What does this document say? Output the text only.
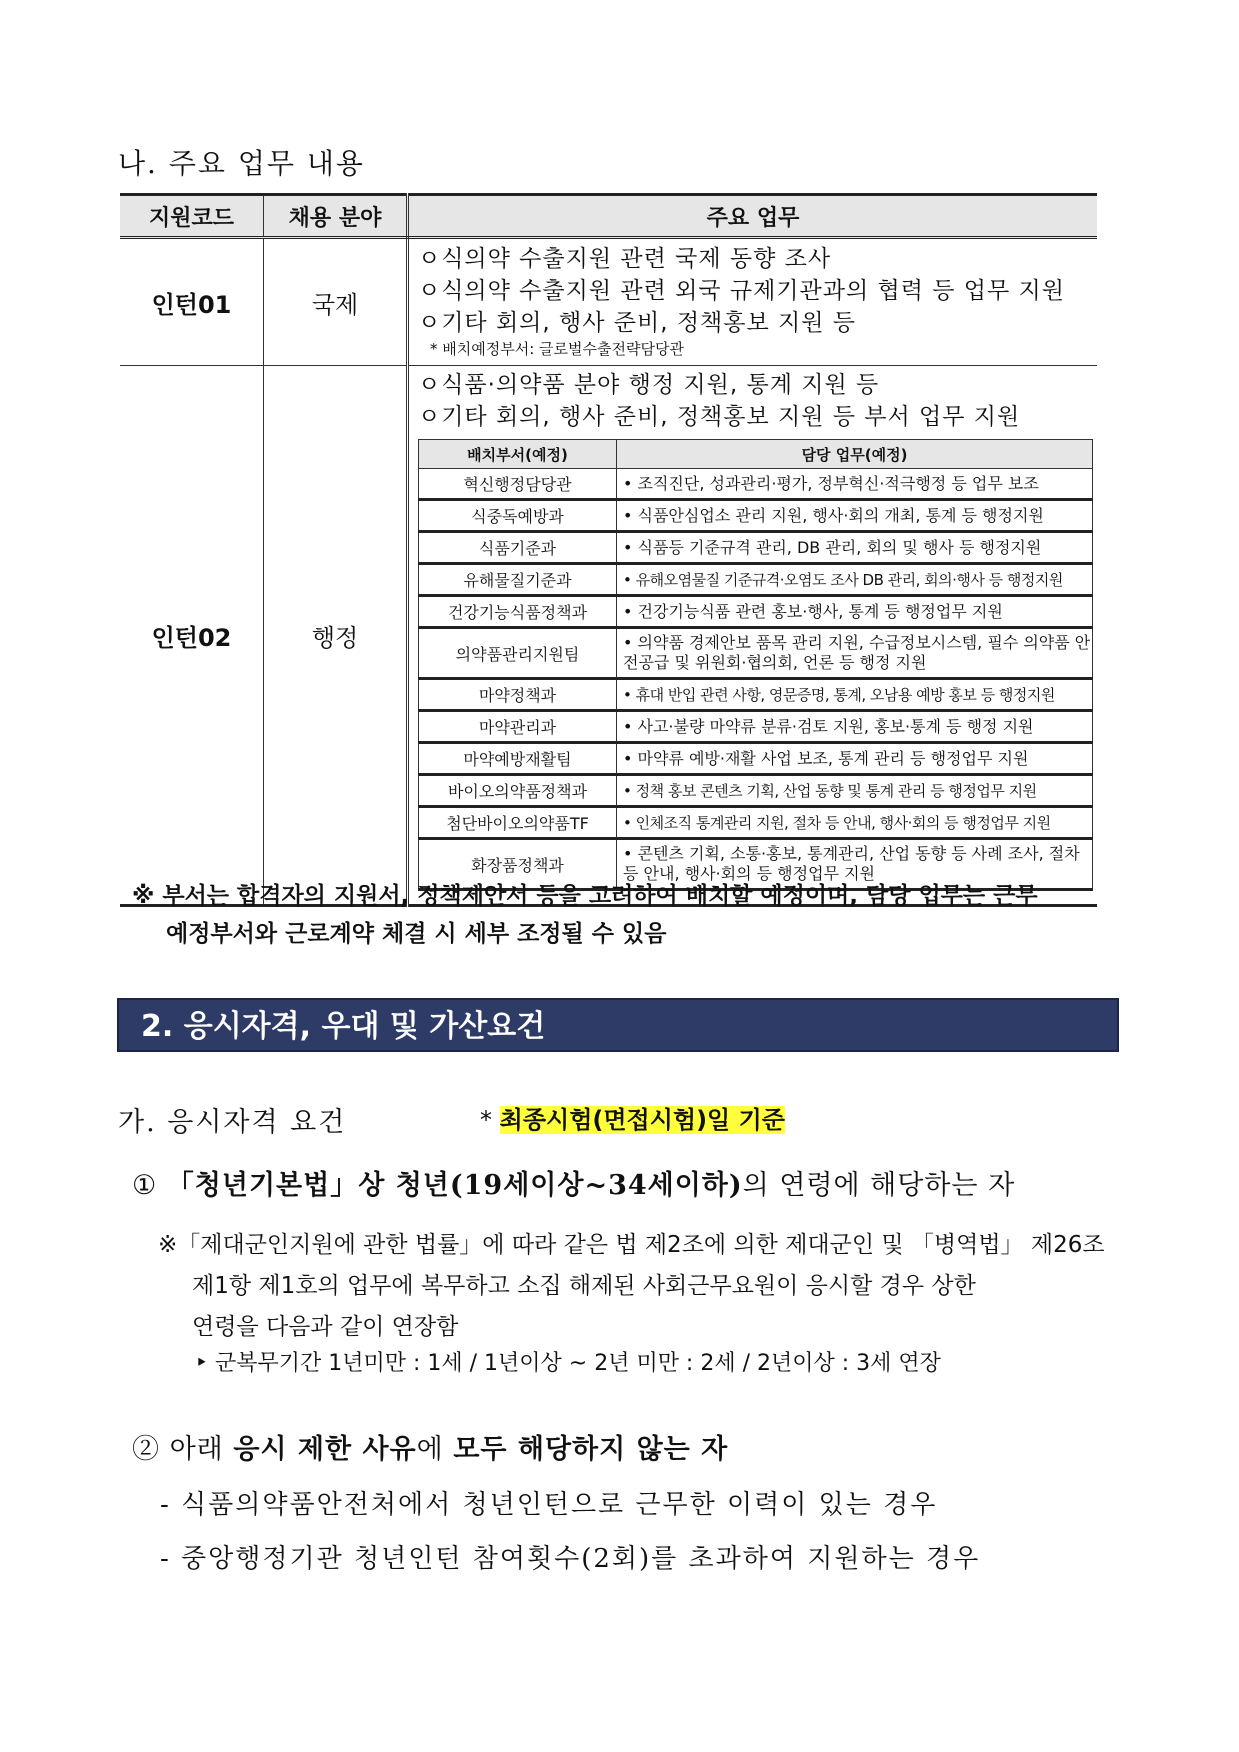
나. 주요 업무 내용
지원코드	채용 분야	주요 업무
인턴01	국제	
ㅇ식의약 수출지원 관련 국제 동향 조사
ㅇ식의약 수출지원 관련 외국 규제기관과의 협력 등 업무 지원
ㅇ기타 회의, 행사 준비, 정책홍보 지원 등
* 배치예정부서: 글로벌수출전략담당관

인턴02	행정	
ㅇ식품·의약품 분야 행정 지원, 통계 지원 등
ㅇ기타 회의, 행사 준비, 정책홍보 지원 등 부서 업무 지원
배치부서(예정)	담당 업무(예정)
혁신행정담당관	• 조직진단, 성과관리·평가, 정부혁신·적극행정 등 업무 보조
식중독예방과	• 식품안심업소 관리 지원, 행사·회의 개최, 통계 등 행정지원
식품기준과	• 식품등 기준규격 관리, DB 관리, 회의 및 행사 등 행정지원
유해물질기준과	• 유해오염물질 기준규격·오염도 조사 DB 관리, 회의·행사 등 행정지원
건강기능식품정책과	• 건강기능식품 관련 홍보·행사, 통계 등 행정업무 지원
의약품관리지원팀	• 의약품 경제안보 품목 관리 지원, 수급정보시스템, 필수 의약품 안전공급 및 위원회·협의회, 언론 등 행정 지원
마약정책과	• 휴대 반입 관련 사항, 영문증명, 통계, 오남용 예방 홍보 등 행정지원
마약관리과	• 사고·불량 마약류 분류·검토 지원, 홍보·통계 등 행정 지원
마약예방재활팀	• 마약류 예방·재활 사업 보조, 통계 관리 등 행정업무 지원
바이오의약품정책과	• 정책 홍보 콘텐츠 기획, 산업 동향 및 통계 관리 등 행정업무 지원
첨단바이오의약품TF	• 인체조직 통계관리 지원, 절차 등 안내, 행사·회의 등 행정업무 지원
화장품정책과	• 콘텐츠 기획, 소통·홍보, 통계관리, 산업 동향 등 사례 조사, 절차 등 안내, 행사·회의 등 행정업무 지원
※ 부서는 합격자의 지원서, 정책제안서 등을 고려하여 배치할 예정이며, 담당 업무는 근무
예정부서와 근로계약 체결 시 세부 조정될 수 있음
2. 응시자격, 우대 및 가산요건
가. 응시자격 요건	* 최종시험(면접시험)일 기준
① 「청년기본법」상 청년(19세이상~34세이하)의 연령에 해당하는 자
※「제대군인지원에 관한 법률」에 따라 같은 법 제2조에 의한 제대군인 및 「병역법」 제26조
제1항 제1호의 업무에 복무하고 소집 해제된 사회근무요원이 응시할 경우 상한
연령을 다음과 같이 연장함
‣ 군복무기간 1년미만 : 1세 / 1년이상 ~ 2년 미만 : 2세 / 2년이상 : 3세 연장
② 아래 응시 제한 사유에 모두 해당하지 않는 자
- 식품의약품안전처에서 청년인턴으로 근무한 이력이 있는 경우
- 중앙행정기관 청년인턴 참여횟수(2회)를 초과하여 지원하는 경우
